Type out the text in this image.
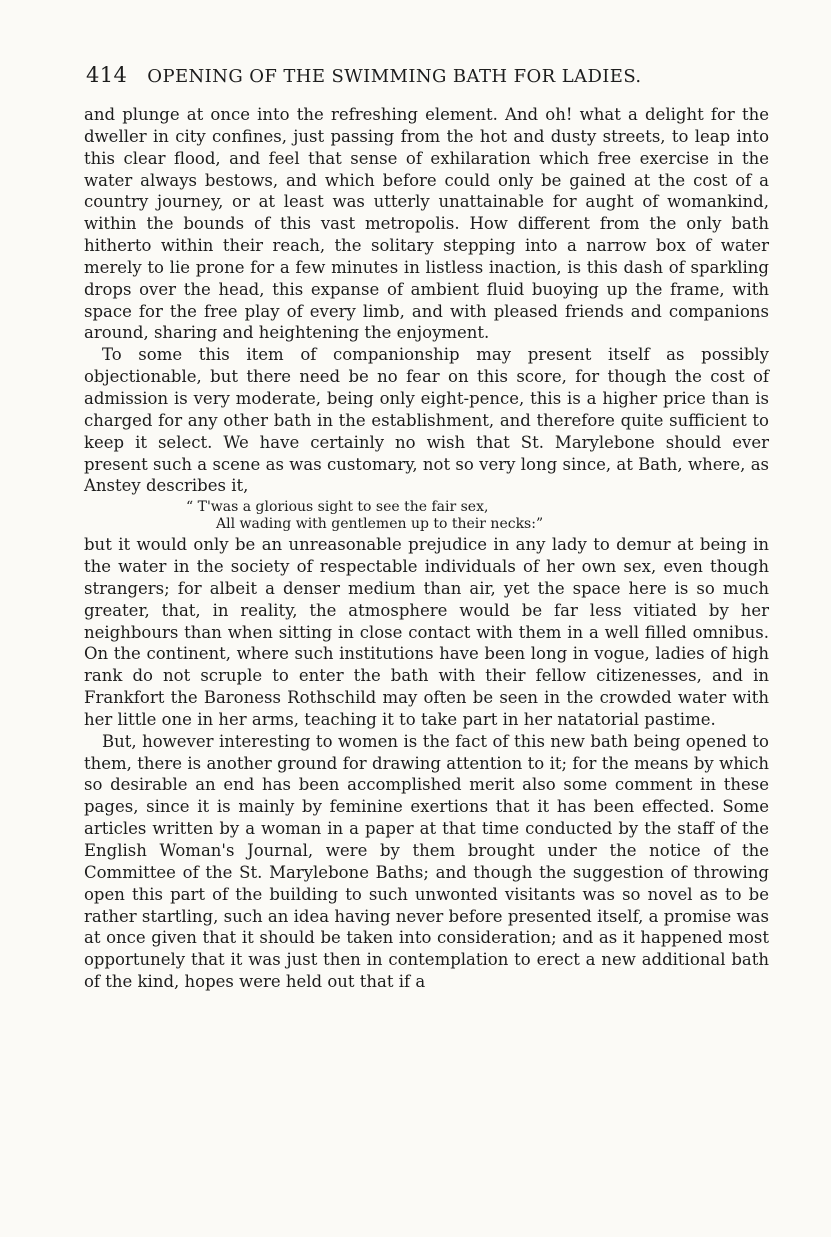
414 OPENING OF THE SWIMMING BATH FOR LADIES.

and plunge at once into the refreshing element. And oh! what a delight for the dweller in city confines, just passing from the hot and dusty streets, to leap into this clear flood, and feel that sense of exhilaration which free exercise in the water always bestows, and which before could only be gained at the cost of a country journey, or at least was utterly unattainable for aught of womankind, within the bounds of this vast metropolis. How different from the only bath hitherto within their reach, the solitary stepping into a narrow box of water merely to lie prone for a few minutes in listless inaction, is this dash of sparkling drops over the head, this expanse of ambient fluid buoying up the frame, with space for the free play of every limb, and with pleased friends and companions around, sharing and heightening the enjoyment.

To some this item of companionship may present itself as possibly objectionable, but there need be no fear on this score, for though the cost of admission is very moderate, being only eight-pence, this is a higher price than is charged for any other bath in the establishment, and therefore quite sufficient to keep it select. We have certainly no wish that St. Marylebone should ever present such a scene as was customary, not so very long since, at Bath, where, as Anstey describes it,

“ T'was a glorious sight to see the fair sex,
All wading with gentlemen up to their necks:”

but it would only be an unreasonable prejudice in any lady to demur at being in the water in the society of respectable individuals of her own sex, even though strangers; for albeit a denser medium than air, yet the space here is so much greater, that, in reality, the atmosphere would be far less vitiated by her neighbours than when sitting in close contact with them in a well filled omnibus. On the continent, where such institutions have been long in vogue, ladies of high rank do not scruple to enter the bath with their fellow citizenesses, and in Frankfort the Baroness Rothschild may often be seen in the crowded water with her little one in her arms, teaching it to take part in her natatorial pastime.

But, however interesting to women is the fact of this new bath being opened to them, there is another ground for drawing attention to it; for the means by which so desirable an end has been accomplished merit also some comment in these pages, since it is mainly by feminine exertions that it has been effected. Some articles written by a woman in a paper at that time conducted by the staff of the English Woman's Journal, were by them brought under the notice of the Committee of the St. Marylebone Baths; and though the suggestion of throwing open this part of the building to such unwonted visitants was so novel as to be rather startling, such an idea having never before presented itself, a promise was at once given that it should be taken into consideration; and as it happened most opportunely that it was just then in contemplation to erect a new additional bath of the kind, hopes were held out that if a
